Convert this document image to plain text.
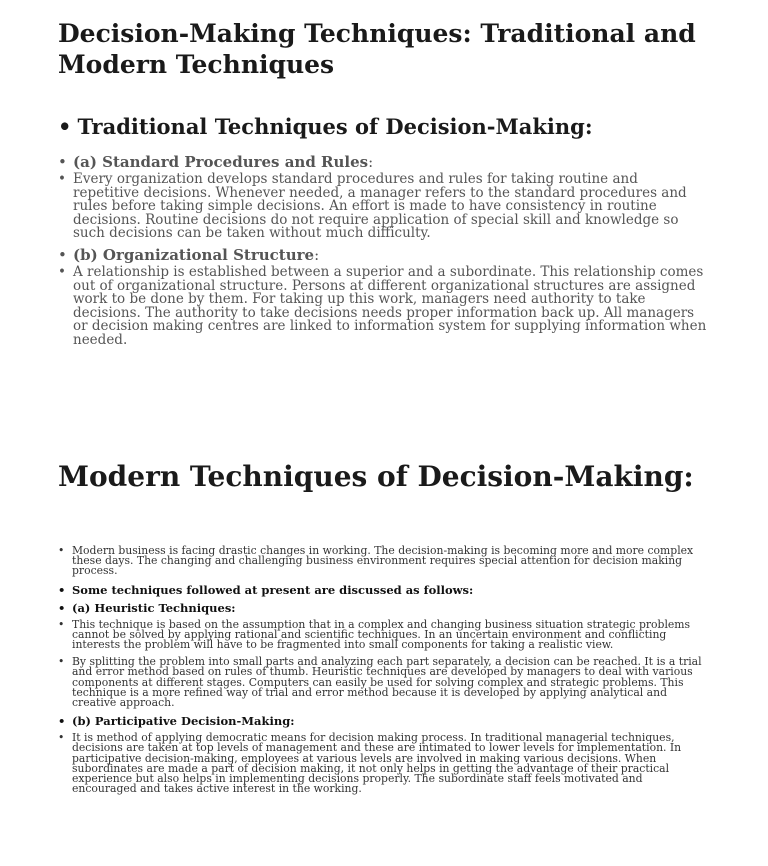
Decision-Making Techniques: Traditional and Modern Techniques
• Traditional Techniques of Decision-Making:
• (a) Standard Procedures and Rules:
• Every organization develops standard procedures and rules for taking routine and repetitive decisions. Whenever needed, a manager refers to the standard procedures and rules before taking simple decisions. An effort is made to have consistency in routine decisions. Routine decisions do not require application of special skill and knowledge so such decisions can be taken without much difficulty.
• (b) Organizational Structure:
• A relationship is established between a superior and a subordinate. This relationship comes out of organizational structure. Persons at different organizational structures are assigned work to be done by them. For taking up this work, managers need authority to take decisions. The authority to take decisions needs proper information back up. All managers or decision making centres are linked to information system for supplying information when needed.
Modern Techniques of Decision-Making:
• Modern business is facing drastic changes in working. The decision-making is becoming more and more complex these days. The changing and challenging business environment requires special attention for decision making process.
• Some techniques followed at present are discussed as follows:
• (a) Heuristic Techniques:
• This technique is based on the assumption that in a complex and changing business situation strategic problems cannot be solved by applying rational and scientific techniques. In an uncertain environment and conflicting interests the problem will have to be fragmented into small components for taking a realistic view.
• By splitting the problem into small parts and analyzing each part separately, a decision can be reached. It is a trial and error method based on rules of thumb. Heuristic techniques are developed by managers to deal with various components at different stages. Computers can easily be used for solving complex and strategic problems. This technique is a more refined way of trial and error method because it is developed by applying analytical and creative approach.
• (b) Participative Decision-Making:
• It is method of applying democratic means for decision making process. In traditional managerial techniques, decisions are taken at top levels of management and these are intimated to lower levels for implementation. In participative decision-making, employees at various levels are involved in making various decisions. When subordinates are made a part of decision making, it not only helps in getting the advantage of their practical experience but also helps in implementing decisions properly. The subordinate staff feels motivated and encouraged and takes active interest in the working.
